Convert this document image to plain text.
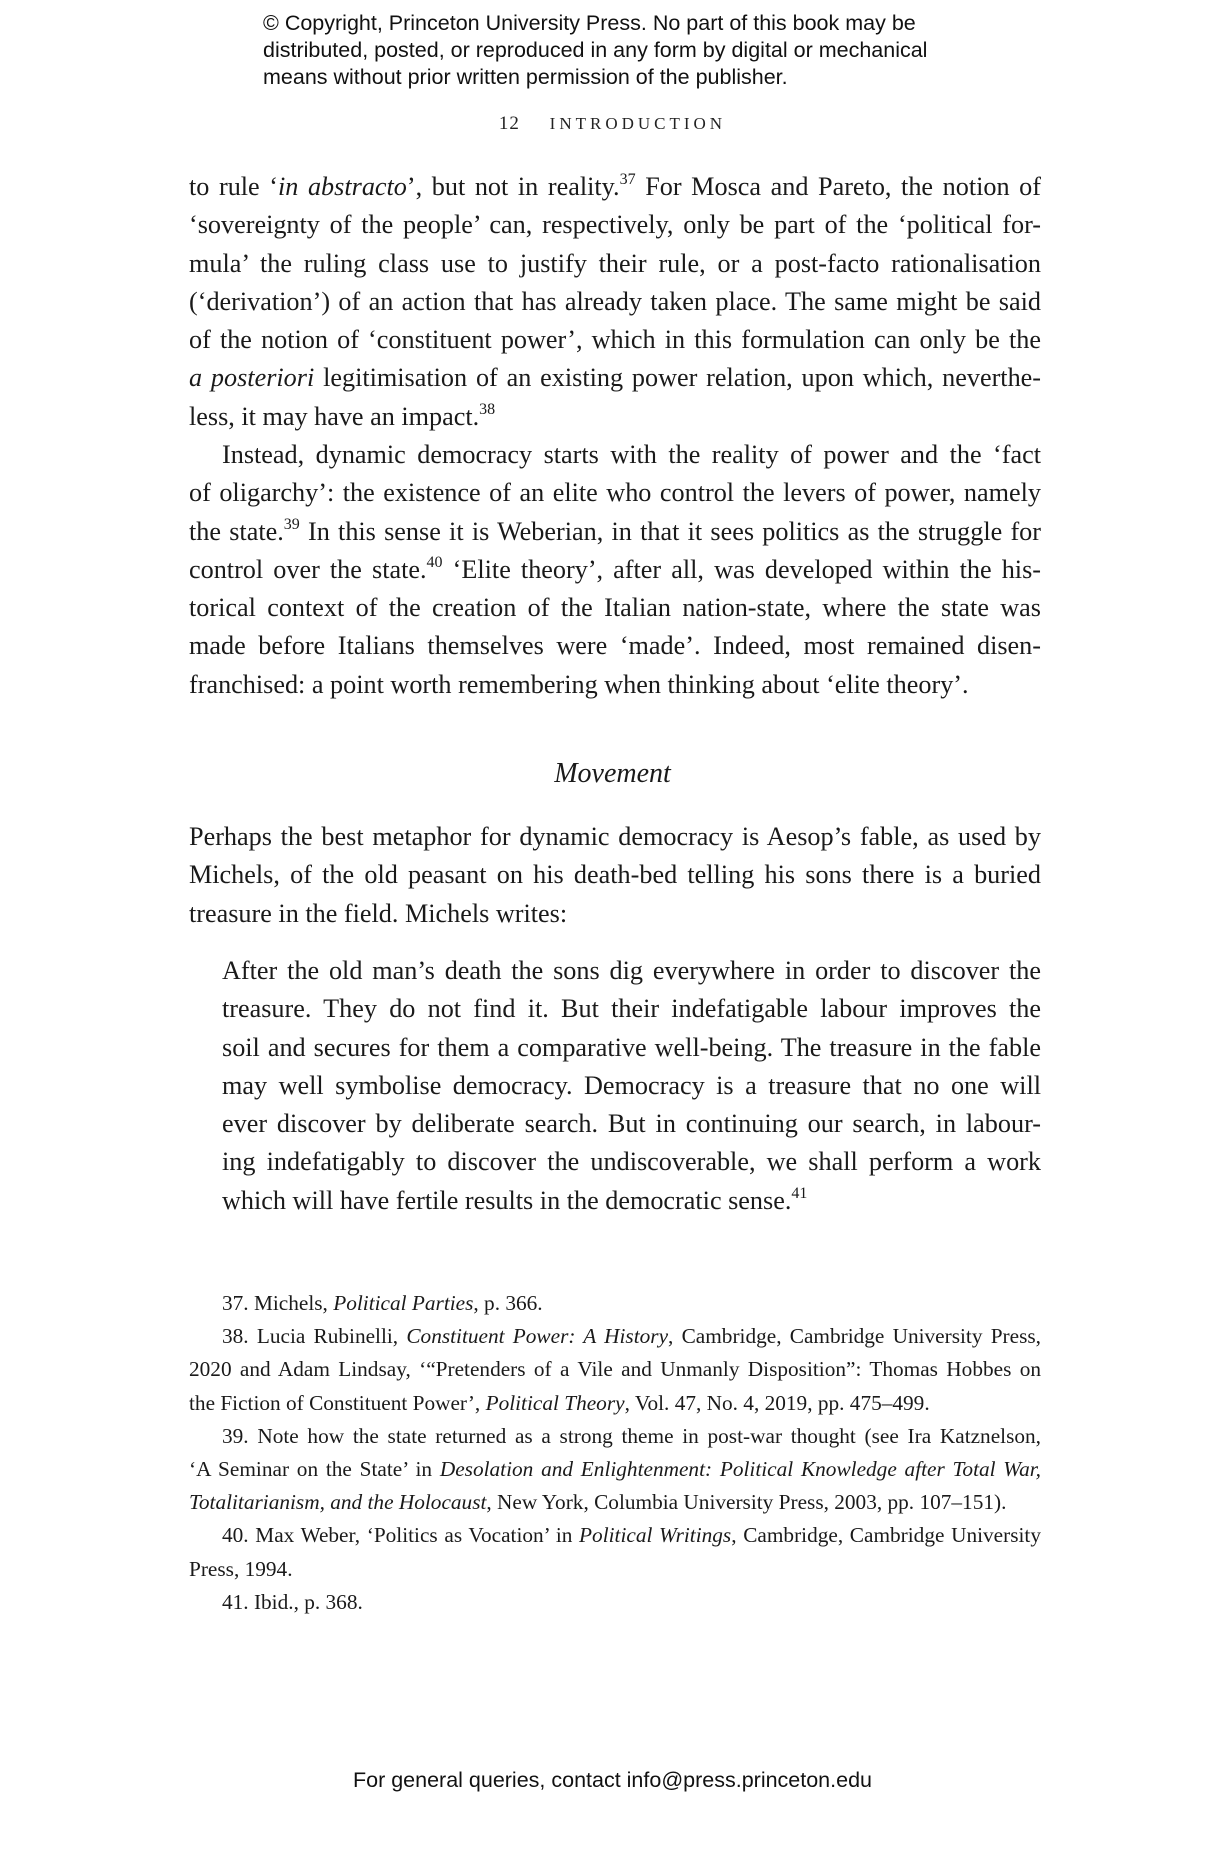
© Copyright, Princeton University Press. No part of this book may be
distributed, posted, or reproduced in any form by digital or mechanical
means without prior written permission of the publisher.
12 INTRODUCTION
to rule ‘in abstracto’, but not in reality.$^{37}$ For Mosca and Pareto, the notion of
‘sovereignty of the people’ can, respectively, only be part of the ‘political for-
mula’ the ruling class use to justify their rule, or a post-facto rationalisation
(‘derivation’) of an action that has already taken place. The same might be said
of the notion of ‘constituent power’, which in this formulation can only be the
a posteriori legitimisation of an existing power relation, upon which, neverthe-
less, it may have an impact.$^{38}$
Instead, dynamic democracy starts with the reality of power and the ‘fact
of oligarchy’: the existence of an elite who control the levers of power, namely
the state.$^{39}$ In this sense it is Weberian, in that it sees politics as the struggle for
control over the state.$^{40}$ ‘Elite theory’, after all, was developed within the his-
torical context of the creation of the Italian nation-state, where the state was
made before Italians themselves were ‘made’. Indeed, most remained disen-
franchised: a point worth remembering when thinking about ‘elite theory’.
Movement
Perhaps the best metaphor for dynamic democracy is Aesop’s fable, as used by
Michels, of the old peasant on his death-bed telling his sons there is a buried
treasure in the field. Michels writes:
After the old man’s death the sons dig everywhere in order to discover the
treasure. They do not find it. But their indefatigable labour improves the
soil and secures for them a comparative well-being. The treasure in the fable
may well symbolise democracy. Democracy is a treasure that no one will
ever discover by deliberate search. But in continuing our search, in labour-
ing indefatigably to discover the undiscoverable, we shall perform a work
which will have fertile results in the democratic sense.$^{41}$
37. Michels, Political Parties, p. 366.
38. Lucia Rubinelli, Constituent Power: A History, Cambridge, Cambridge University Press,
2020 and Adam Lindsay, ‘“Pretenders of a Vile and Unmanly Disposition”: Thomas Hobbes on
the Fiction of Constituent Power’, Political Theory, Vol. 47, No. 4, 2019, pp. 475–499.
39. Note how the state returned as a strong theme in post-war thought (see Ira Katznelson,
‘A Seminar on the State’ in Desolation and Enlightenment: Political Knowledge after Total War,
Totalitarianism, and the Holocaust, New York, Columbia University Press, 2003, pp. 107–151).
40. Max Weber, ‘Politics as Vocation’ in Political Writings, Cambridge, Cambridge University
Press, 1994.
41. Ibid., p. 368.
For general queries, contact info@press.princeton.edu
